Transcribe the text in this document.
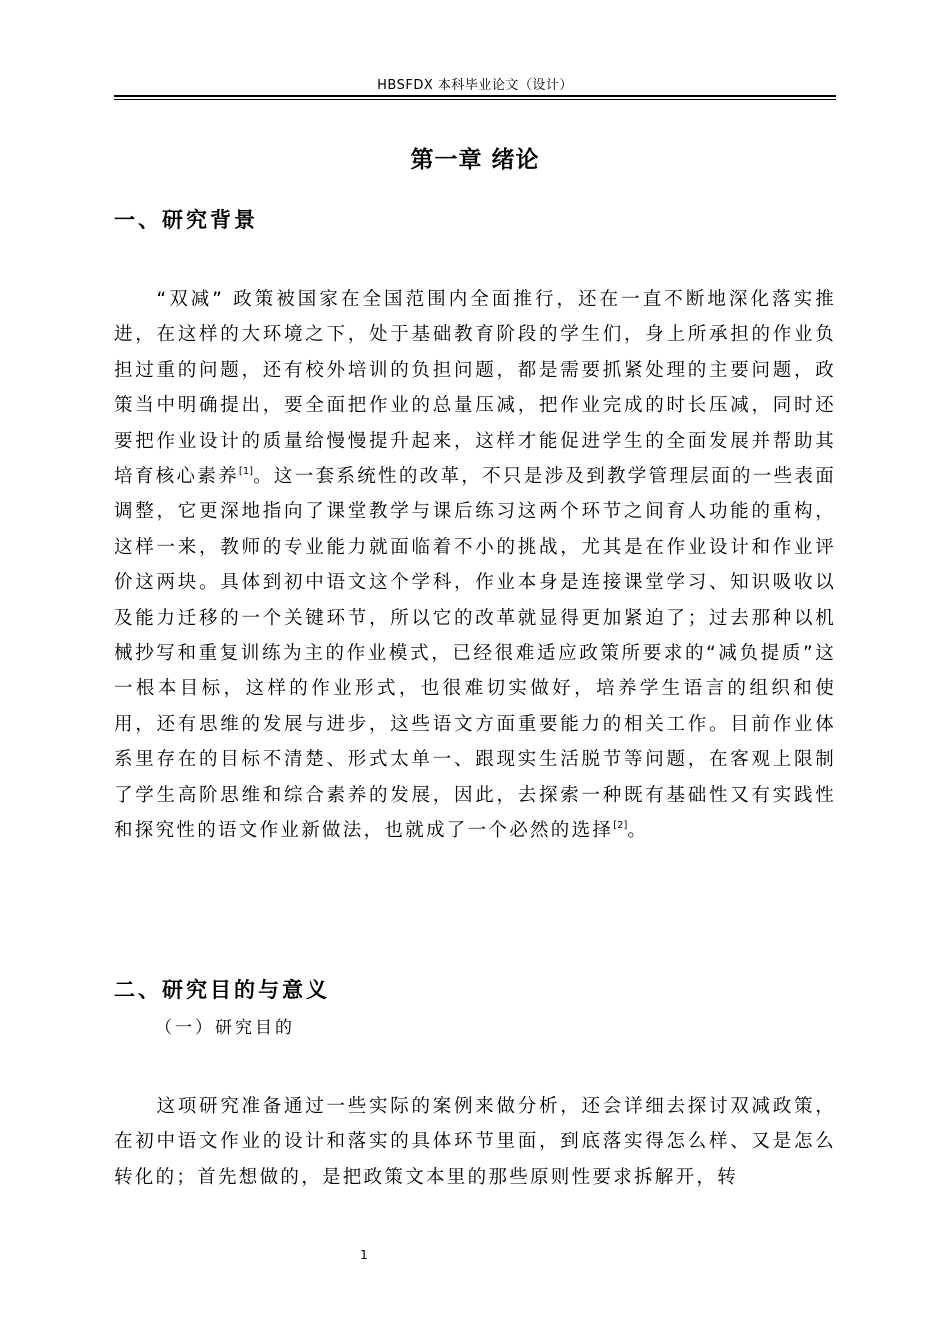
HBSFDX 本科毕业论文（设计）
第一章 绪论
一、研究背景

“双减” 政策被国家在全国范围内全面推行，还在一直不断地深化落实推进，在这样的大环境之下，处于基础教育阶段的学生们，身上所承担的作业负担过重的问题，还有校外培训的负担问题，都是需要抓紧处理的主要问题，政策当中明确提出，要全面把作业的总量压减，把作业完成的时长压减，同时还要把作业设计的质量给慢慢提升起来，这样才能促进学生的全面发展并帮助其培育核心素养[1]。这一套系统性的改革，不只是涉及到教学管理层面的一些表面调整，它更深地指向了课堂教学与课后练习这两个环节之间育人功能的重构，这样一来，教师的专业能力就面临着不小的挑战，尤其是在作业设计和作业评价这两块。具体到初中语文这个学科，作业本身是连接课堂学习、知识吸收以及能力迁移的一个关键环节，所以它的改革就显得更加紧迫了；过去那种以机械抄写和重复训练为主的作业模式，已经很难适应政策所要求的“减负提质”这一根本目标，这样的作业形式，也很难切实做好，培养学生语言的组织和使用，还有思维的发展与进步，这些语文方面重要能力的相关工作。目前作业体系里存在的目标不清楚、形式太单一、跟现实生活脱节等问题，在客观上限制了学生高阶思维和综合素养的发展，因此，去探索一种既有基础性又有实践性和探究性的语文作业新做法，也就成了一个必然的选择[2]。

二、研究目的与意义
（一）研究目的

这项研究准备通过一些实际的案例来做分析，还会详细去探讨双减政策，在初中语文作业的设计和落实的具体环节里面，到底落实得怎么样、又是怎么转化的；首先想做的，是把政策文本里的那些原则性要求拆解开，转

1
